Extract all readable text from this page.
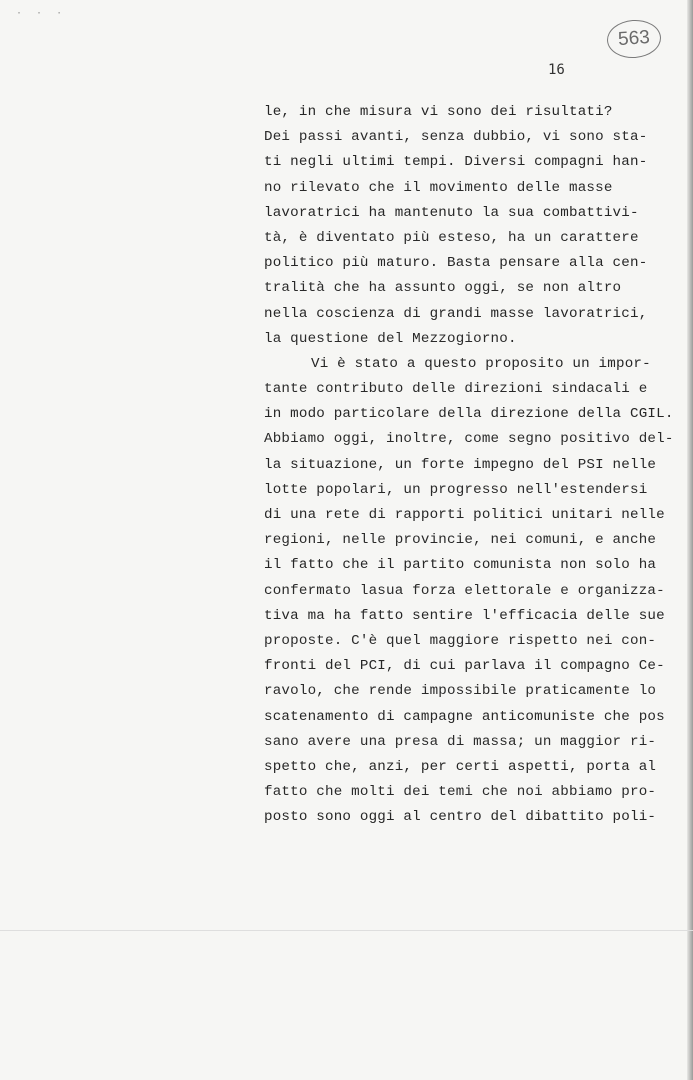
· · ·
563
16
le, in che misura vi sono dei risultati?
Dei passi avanti, senza dubbio, vi sono sta-
ti negli ultimi tempi. Diversi compagni han-
no rilevato che il movimento delle masse
lavoratrici ha mantenuto la sua combattivi-
tà, è diventato più esteso, ha un carattere
politico più maturo. Basta pensare alla cen-
tralità che ha assunto oggi, se non altro
nella coscienza di grandi masse lavoratrici,
la questione del Mezzogiorno.
Vi è stato a questo proposito un impor-
tante contributo delle direzioni sindacali e
in modo particolare della direzione della CGIL.
Abbiamo oggi, inoltre, come segno positivo del-
la situazione, un forte impegno del PSI nelle
lotte popolari, un progresso nell'estendersi
di una rete di rapporti politici unitari nelle
regioni, nelle provincie, nei comuni, e anche
il fatto che il partito comunista non solo ha
confermato lasua forza elettorale e organizza-
tiva ma ha fatto sentire l'efficacia delle sue
proposte. C'è quel maggiore rispetto nei con-
fronti del PCI, di cui parlava il compagno Ce-
ravolo, che rende impossibile praticamente lo
scatenamento di campagne anticomuniste che pos
sano avere una presa di massa; un maggior ri-
spetto che, anzi, per certi aspetti, porta al
fatto che molti dei temi che noi abbiamo pro-
posto sono oggi al centro del dibattito poli-
